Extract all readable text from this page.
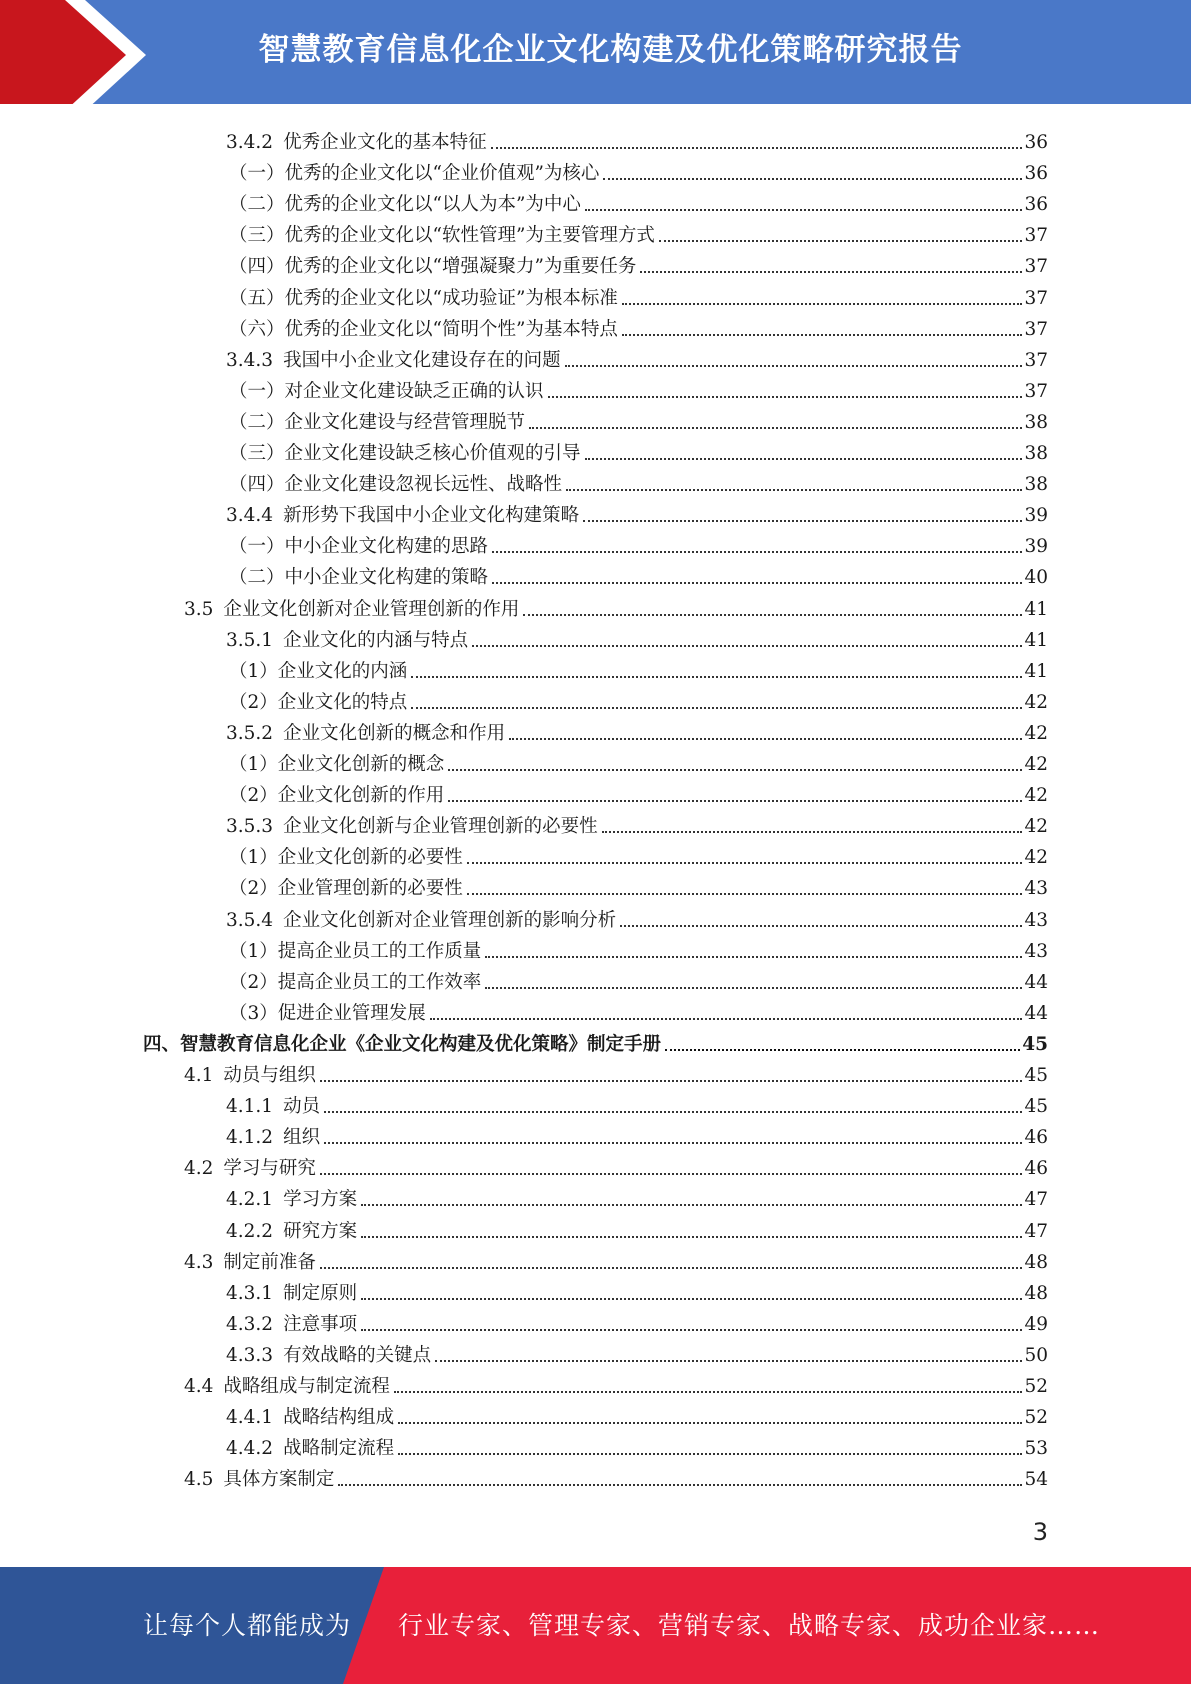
智慧教育信息化企业文化构建及优化策略研究报告
3.4.2 优秀企业文化的基本特征	36
（一）优秀的企业文化以“企业价值观”为核心	36
（二）优秀的企业文化以“以人为本”为中心	36
（三）优秀的企业文化以“软性管理”为主要管理方式	37
（四）优秀的企业文化以“增强凝聚力”为重要任务	37
（五）优秀的企业文化以“成功验证”为根本标准	37
（六）优秀的企业文化以“简明个性”为基本特点	37
3.4.3 我国中小企业文化建设存在的问题	37
（一）对企业文化建设缺乏正确的认识	37
（二）企业文化建设与经营管理脱节	38
（三）企业文化建设缺乏核心价值观的引导	38
（四）企业文化建设忽视长远性、战略性	38
3.4.4 新形势下我国中小企业文化构建策略	39
（一）中小企业文化构建的思路	39
（二）中小企业文化构建的策略	40
3.5 企业文化创新对企业管理创新的作用	41
3.5.1 企业文化的内涵与特点	41
（1）企业文化的内涵	41
（2）企业文化的特点	42
3.5.2 企业文化创新的概念和作用	42
（1）企业文化创新的概念	42
（2）企业文化创新的作用	42
3.5.3 企业文化创新与企业管理创新的必要性	42
（1）企业文化创新的必要性	42
（2）企业管理创新的必要性	43
3.5.4 企业文化创新对企业管理创新的影响分析	43
（1）提高企业员工的工作质量	43
（2）提高企业员工的工作效率	44
（3）促进企业管理发展	44
四、智慧教育信息化企业《企业文化构建及优化策略》制定手册	45
4.1 动员与组织	45
4.1.1 动员	45
4.1.2 组织	46
4.2 学习与研究	46
4.2.1 学习方案	47
4.2.2 研究方案	47
4.3 制定前准备	48
4.3.1 制定原则	48
4.3.2 注意事项	49
4.3.3 有效战略的关键点	50
4.4 战略组成与制定流程	52
4.4.1 战略结构组成	52
4.4.2 战略制定流程	53
4.5 具体方案制定	54
3
让每个人都能成为 行业专家、管理专家、营销专家、战略专家、成功企业家……
